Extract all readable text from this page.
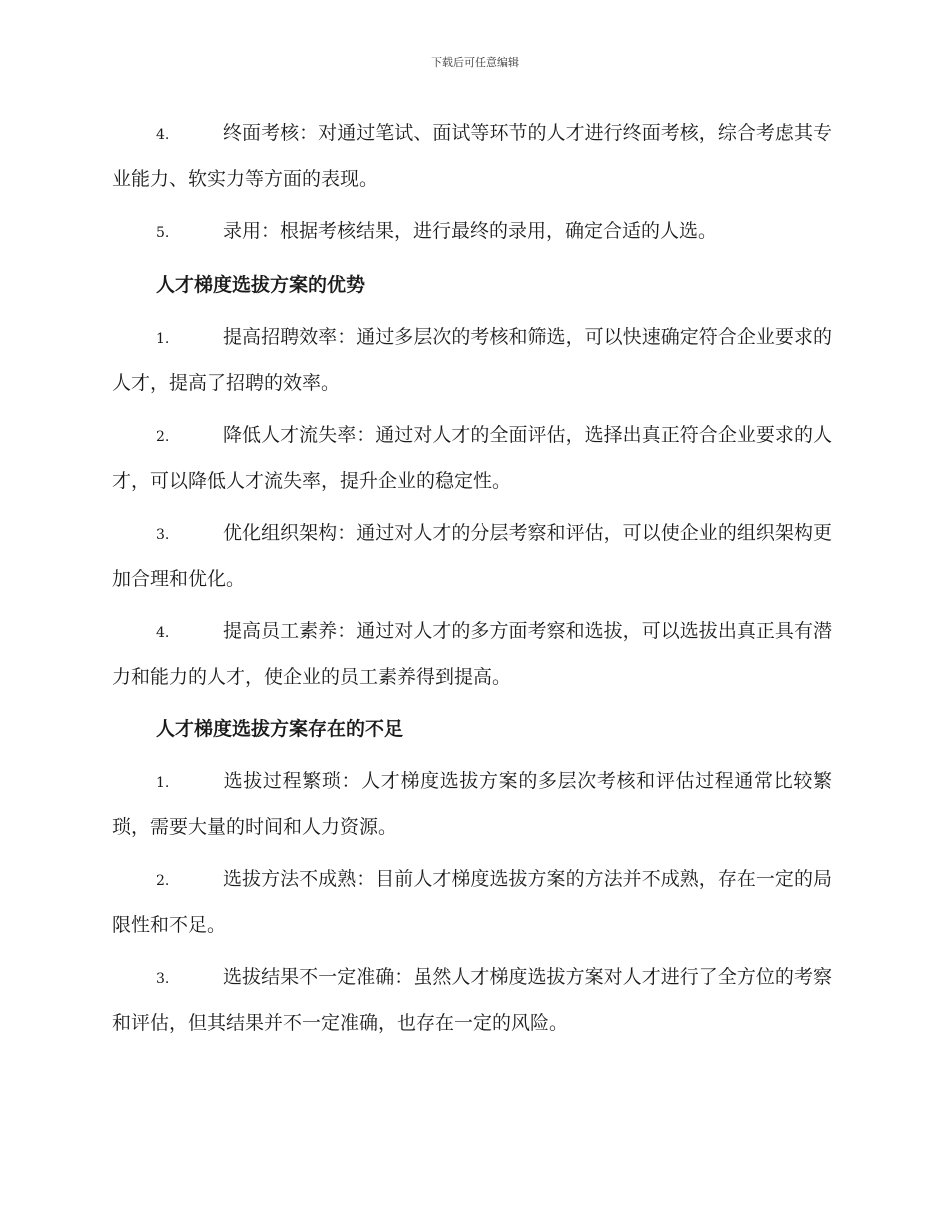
下载后可任意编辑

4.	终面考核：对通过笔试、面试等环节的人才进行终面考核，综合考虑其专业能力、软实力等方面的表现。

5.	录用：根据考核结果，进行最终的录用，确定合适的人选。

人才梯度选拔方案的优势

1.	提高招聘效率：通过多层次的考核和筛选，可以快速确定符合企业要求的人才，提高了招聘的效率。

2.	降低人才流失率：通过对人才的全面评估，选择出真正符合企业要求的人才，可以降低人才流失率，提升企业的稳定性。

3.	优化组织架构：通过对人才的分层考察和评估，可以使企业的组织架构更加合理和优化。

4.	提高员工素养：通过对人才的多方面考察和选拔，可以选拔出真正具有潜力和能力的人才，使企业的员工素养得到提高。

人才梯度选拔方案存在的不足

1.	选拔过程繁琐：人才梯度选拔方案的多层次考核和评估过程通常比较繁琐，需要大量的时间和人力资源。

2.	选拔方法不成熟：目前人才梯度选拔方案的方法并不成熟，存在一定的局限性和不足。

3.	选拔结果不一定准确：虽然人才梯度选拔方案对人才进行了全方位的考察和评估，但其结果并不一定准确，也存在一定的风险。
